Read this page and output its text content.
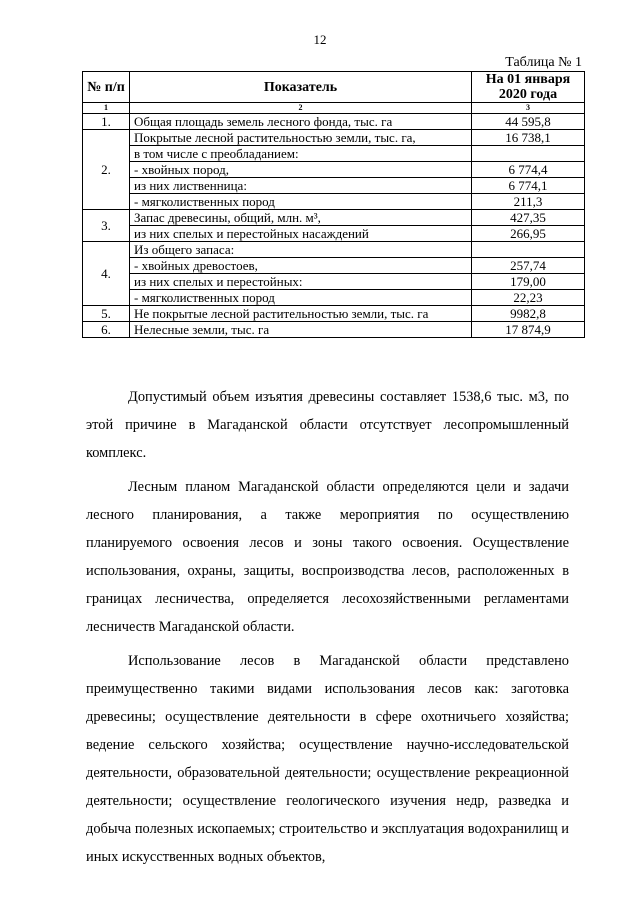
12
Таблица № 1
№ п/п	Показатель	На 01 января 2020 года
1	2	3
1.	Общая площадь земель лесного фонда, тыс. га	44 595,8
2.	Покрытые лесной растительностью земли, тыс. га,	16 738,1
	в том числе с преобладанием:	
	- хвойных пород,	6 774,4
	из них лиственница:	6 774,1
	- мягколиственных пород	211,3
3.	Запас древесины, общий, млн. м³,	427,35
	из них спелых и перестойных насаждений	266,95
4.	Из общего запаса:	
	- хвойных древостоев,	257,74
	из них спелых и перестойных:	179,00
	- мягколиственных пород	22,23
5.	Не покрытые лесной растительностью земли, тыс. га	9982,8
6.	Нелесные земли, тыс. га	17 874,9

Допустимый объем изъятия древесины составляет 1538,6 тыс. м3, по этой причине в Магаданской области отсутствует лесопромышленный комплекс.

Лесным планом Магаданской области определяются цели и задачи лесного планирования, а также мероприятия по осуществлению планируемого освоения лесов и зоны такого освоения. Осуществление использования, охраны, защиты, воспроизводства лесов, расположенных в границах лесничества, определяется лесохозяйственными регламентами лесничеств Магаданской области.

Использование лесов в Магаданской области представлено преимущественно такими видами использования лесов как: заготовка древесины; осуществление деятельности в сфере охотничьего хозяйства; ведение сельского хозяйства; осуществление научно-исследовательской деятельности, образовательной деятельности; осуществление рекреационной деятельности; осуществление геологического изучения недр, разведка и добыча полезных ископаемых; строительство и эксплуатация водохранилищ и иных искусственных водных объектов,
